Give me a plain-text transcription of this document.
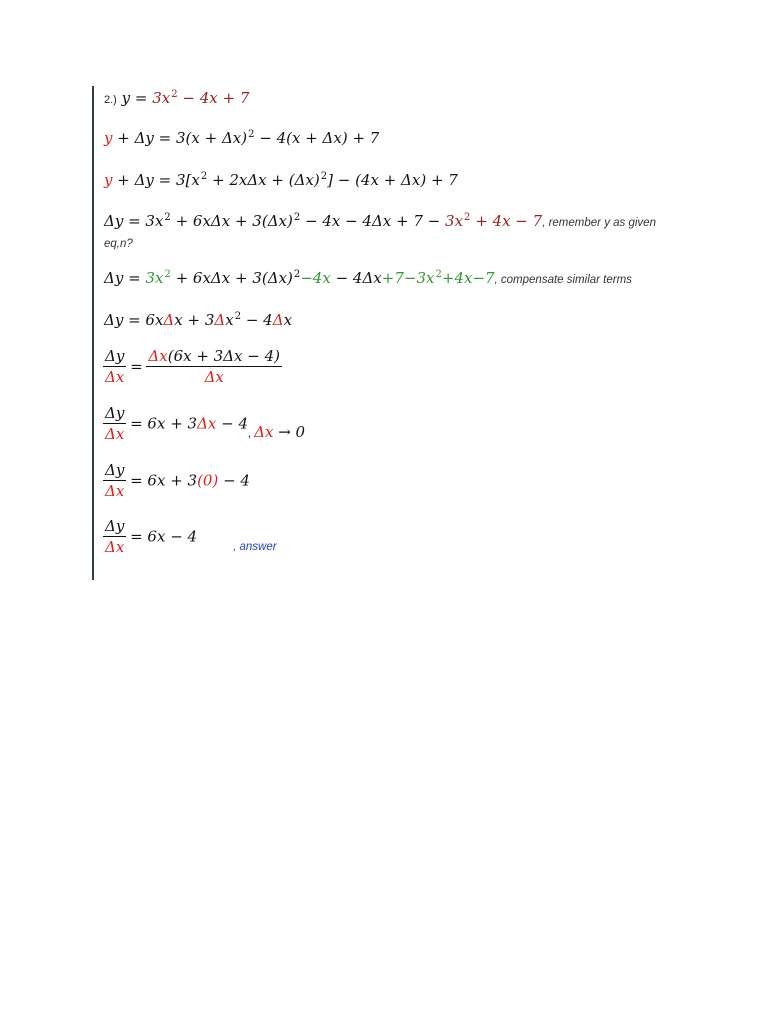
2.) $y = 3x^2 - 4x + 7$
$y + \Delta y = 3(x + \Delta x)^2 - 4(x + \Delta x) + 7$
$y + \Delta y = 3[x^2 + 2x\Delta x + (\Delta x)^2] - (4x + \Delta x) + 7$
$\Delta y = 3x^2 + 6x\Delta x + 3(\Delta x)^2 - 4x - 4\Delta x + 7 - 3x^2 + 4x - 7$, remember y as given
eq,n?
$\Delta y = 3x^2 + 6x\Delta x + 3(\Delta x)^2-4x - 4\Delta x+7-3x^2+4x-7$, compensate similar terms
$\Delta y = 6x\Delta x + 3\Delta x^2 - 4\Delta x$
$\frac{\Delta y}{\Delta x} = \frac{\Delta x(6x + 3\Delta x - 4)}{\Delta x}$
$\frac{\Delta y}{\Delta x} = 6x + 3\Delta x - 4$, Δx → 0
$\frac{\Delta y}{\Delta x} = 6x + 3(0) - 4$
$\frac{\Delta y}{\Delta x} = 6x - 4_{, answer}$
